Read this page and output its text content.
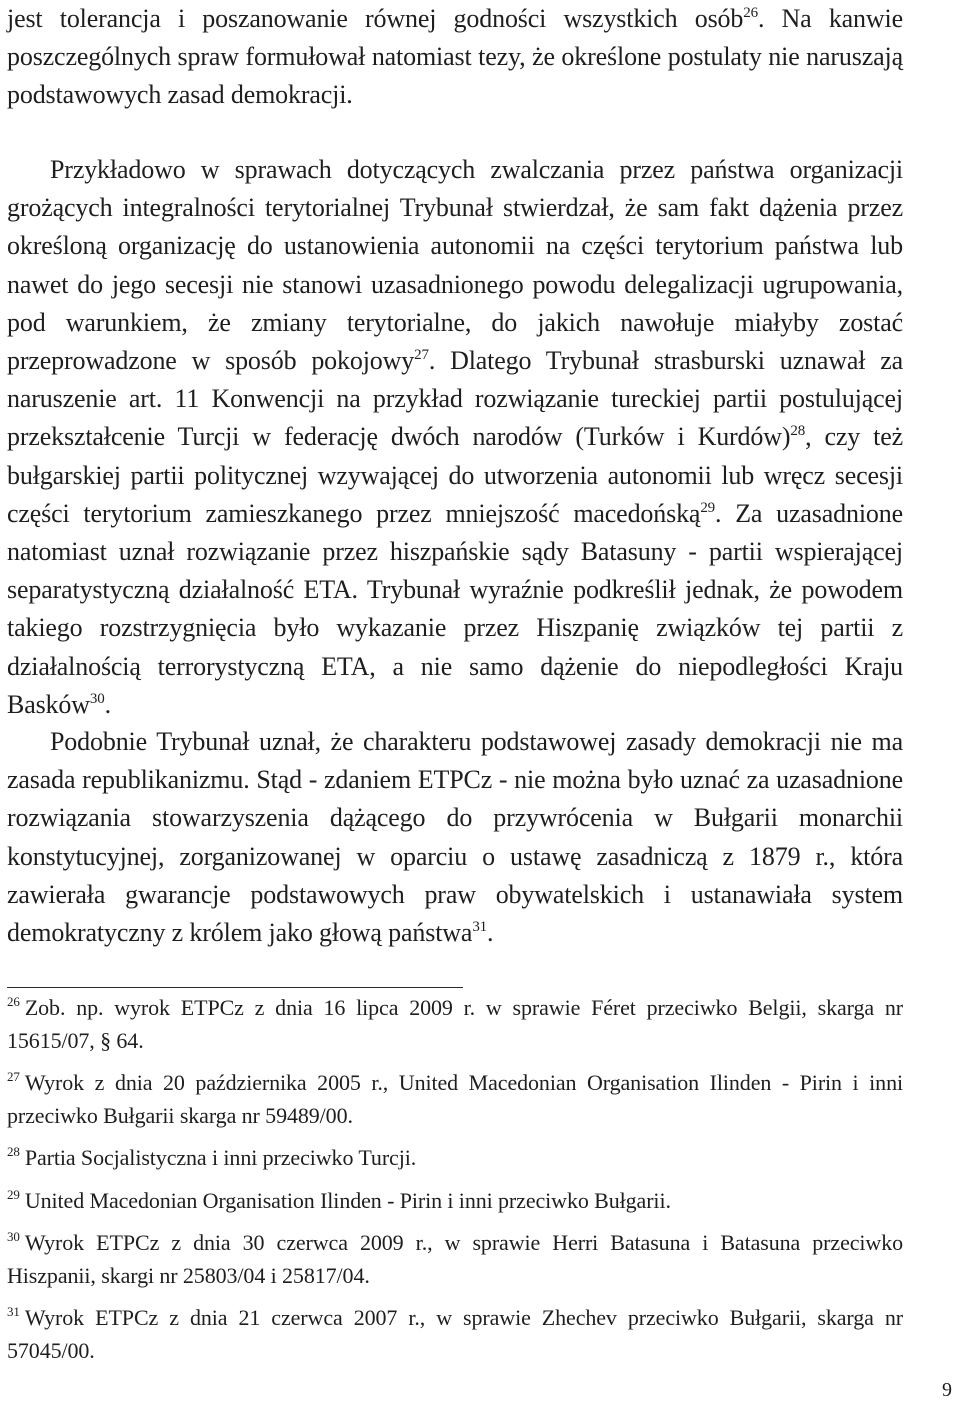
jest tolerancja i poszanowanie równej godności wszystkich osób$^{26}$. Na kanwie poszczególnych spraw formułował natomiast tezy, że określone postulaty nie naruszają podstawowych zasad demokracji.

Przykładowo w sprawach dotyczących zwalczania przez państwa organizacji grożących integralności terytorialnej Trybunał stwierdzał, że sam fakt dążenia przez określoną organizację do ustanowienia autonomii na części terytorium państwa lub nawet do jego secesji nie stanowi uzasadnionego powodu delegalizacji ugrupowania, pod warunkiem, że zmiany terytorialne, do jakich nawołuje miałyby zostać przeprowadzone w sposób pokojowy$^{27}$. Dlatego Trybunał strasburski uznawał za naruszenie art. 11 Konwencji na przykład rozwiązanie tureckiej partii postulującej przekształcenie Turcji w federację dwóch narodów (Turków i Kurdów)$^{28}$, czy też bułgarskiej partii politycznej wzywającej do utworzenia autonomii lub wręcz secesji części terytorium zamieszkanego przez mniejszość macedońską$^{29}$. Za uzasadnione natomiast uznał rozwiązanie przez hiszpańskie sądy Batasuny - partii wspierającej separatystyczną działalność ETA. Trybunał wyraźnie podkreślił jednak, że powodem takiego rozstrzygnięcia było wykazanie przez Hiszpanię związków tej partii z działalnością terrorystyczną ETA, a nie samo dążenie do niepodległości Kraju Basków$^{30}$.

Podobnie Trybunał uznał, że charakteru podstawowej zasady demokracji nie ma zasada republikanizmu. Stąd - zdaniem ETPCz - nie można było uznać za uzasadnione rozwiązania stowarzyszenia dążącego do przywrócenia w Bułgarii monarchii konstytucyjnej, zorganizowanej w oparciu o ustawę zasadniczą z 1879 r., która zawierała gwarancje podstawowych praw obywatelskich i ustanawiała system demokratyczny z królem jako głową państwa$^{31}$.

$^{26}$ Zob. np. wyrok ETPCz z dnia 16 lipca 2009 r. w sprawie Féret przeciwko Belgii, skarga nr 15615/07, § 64.

$^{27}$ Wyrok z dnia 20 października 2005 r., United Macedonian Organisation Ilinden - Pirin i inni przeciwko Bułgarii skarga nr 59489/00.

$^{28}$ Partia Socjalistyczna i inni przeciwko Turcji.

$^{29}$ United Macedonian Organisation Ilinden - Pirin i inni przeciwko Bułgarii.

$^{30}$ Wyrok ETPCz z dnia 30 czerwca 2009 r., w sprawie Herri Batasuna i Batasuna przeciwko Hiszpanii, skargi nr 25803/04 i 25817/04.

$^{31}$ Wyrok ETPCz z dnia 21 czerwca 2007 r., w sprawie Zhechev przeciwko Bułgarii, skarga nr 57045/00.

9
